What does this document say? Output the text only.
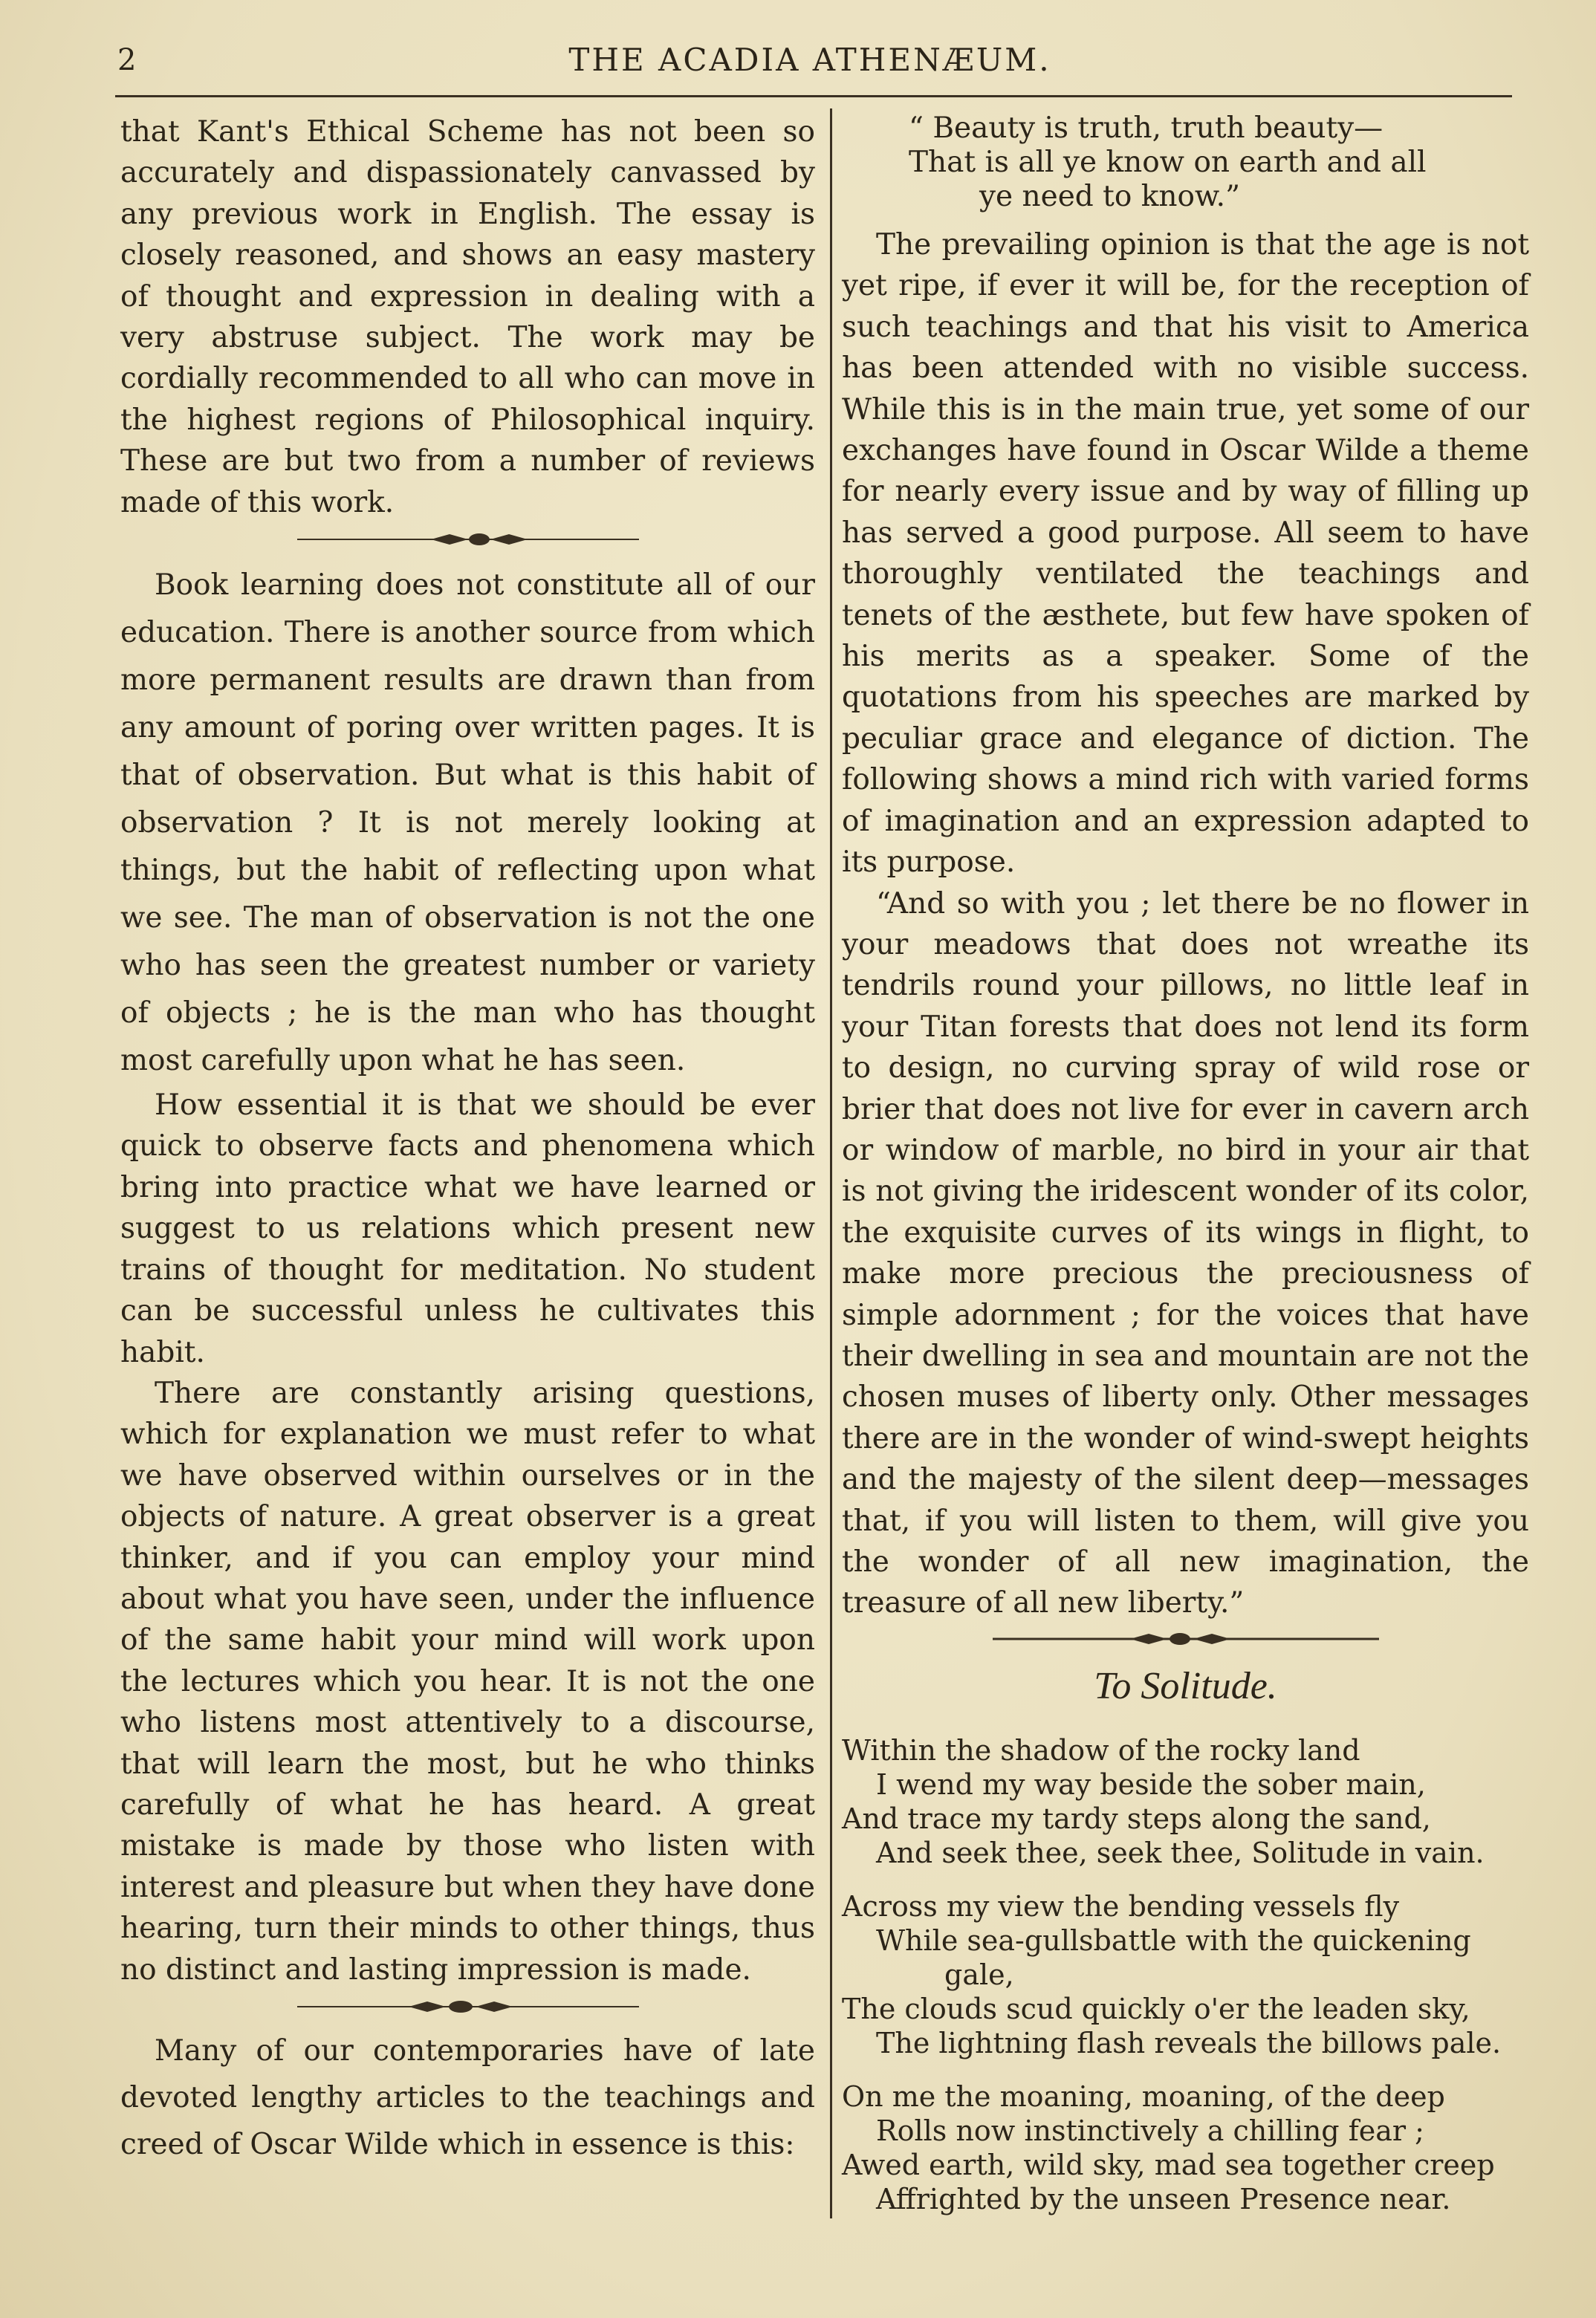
2	THE ACADIA ATHENÆUM.

that Kant's Ethical Scheme has not been so accurately and dispassionately canvassed by any previous work in English. The essay is closely reasoned, and shows an easy mastery of thought and expression in dealing with a very abstruse subject. The work may be cordially recommended to all who can move in the highest regions of Philosophical inquiry. These are but two from a number of reviews made of this work.

Book learning does not constitute all of our education. There is another source from which more permanent results are drawn than from any amount of poring over written pages. It is that of observation. But what is this habit of observation ? It is not merely looking at things, but the habit of reflecting upon what we see. The man of observation is not the one who has seen the greatest number or variety of objects ; he is the man who has thought most carefully upon what he has seen.

How essential it is that we should be ever quick to observe facts and phenomena which bring into practice what we have learned or suggest to us relations which present new trains of thought for meditation. No student can be successful unless he cultivates this habit.

There are constantly arising questions, which for explanation we must refer to what we have observed within ourselves or in the objects of nature. A great observer is a great thinker, and if you can employ your mind about what you have seen, under the influence of the same habit your mind will work upon the lectures which you hear. It is not the one who listens most attentively to a discourse, that will learn the most, but he who thinks carefully of what he has heard. A great mistake is made by those who listen with interest and pleasure but when they have done hearing, turn their minds to other things, thus no distinct and lasting impression is made.

Many of our contemporaries have of late devoted lengthy articles to the teachings and creed of Oscar Wilde which in essence is this:

“ Beauty is truth, truth beauty—
That is all ye know on earth and all
ye need to know.”

The prevailing opinion is that the age is not yet ripe, if ever it will be, for the reception of such teachings and that his visit to America has been attended with no visible success. While this is in the main true, yet some of our exchanges have found in Oscar Wilde a theme for nearly every issue and by way of filling up has served a good purpose. All seem to have thoroughly ventilated the teachings and tenets of the æsthete, but few have spoken of his merits as a speaker. Some of the quotations from his speeches are marked by peculiar grace and elegance of diction. The following shows a mind rich with varied forms of imagination and an expression adapted to its purpose.

“And so with you ; let there be no flower in your meadows that does not wreathe its tendrils round your pillows, no little leaf in your Titan forests that does not lend its form to design, no curving spray of wild rose or brier that does not live for ever in cavern arch or window of marble, no bird in your air that is not giving the iridescent wonder of its color, the exquisite curves of its wings in flight, to make more precious the preciousness of simple adornment ; for the voices that have their dwelling in sea and mountain are not the chosen muses of liberty only. Other messages there are in the wonder of wind-swept heights and the majesty of the silent deep—messages that, if you will listen to them, will give you the wonder of all new imagination, the treasure of all new liberty.”

To Solitude.
Within the shadow of the rocky land
I wend my way beside the sober main,
And trace my tardy steps along the sand,
And seek thee, seek thee, Solitude in vain.
Across my view the bending vessels fly
While sea-gullsbattle with the quickening
gale,
The clouds scud quickly o'er the leaden sky,
The lightning flash reveals the billows pale.
On me the moaning, moaning, of the deep
Rolls now instinctively a chilling fear ;
Awed earth, wild sky, mad sea together creep
Affrighted by the unseen Presence near.
